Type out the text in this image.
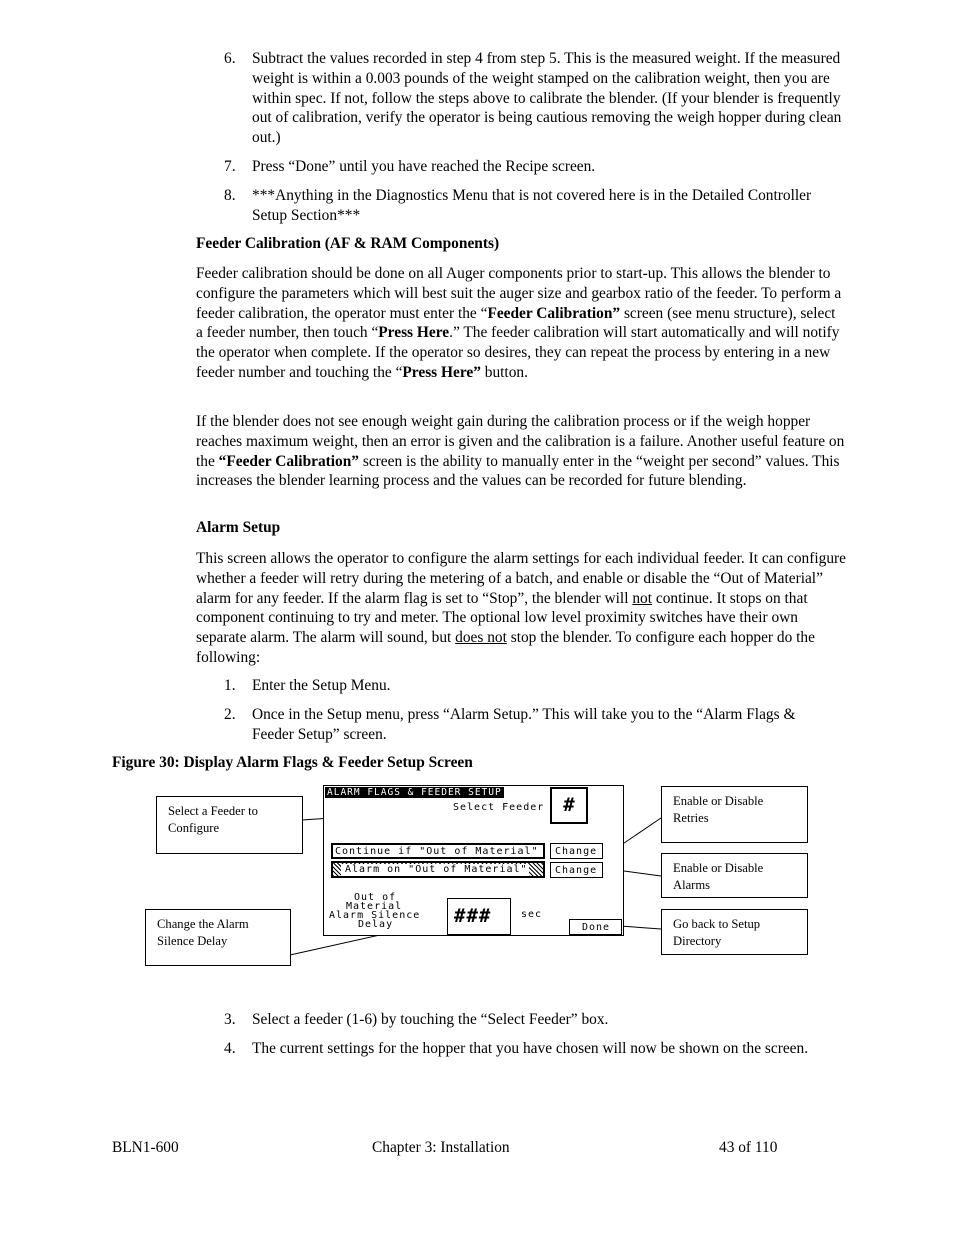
6. Subtract the values recorded in step 4 from step 5. This is the measured weight. If the measured weight is within a 0.003 pounds of the weight stamped on the calibration weight, then you are within spec. If not, follow the steps above to calibrate the blender. (If your blender is frequently out of calibration, verify the operator is being cautious removing the weigh hopper during clean out.)
7. Press “Done” until you have reached the Recipe screen.
8. ***Anything in the Diagnostics Menu that is not covered here is in the Detailed Controller Setup Section***
Feeder Calibration (AF & RAM Components)
Feeder calibration should be done on all Auger components prior to start-up. This allows the blender to configure the parameters which will best suit the auger size and gearbox ratio of the feeder. To perform a feeder calibration, the operator must enter the “Feeder Calibration” screen (see menu structure), select a feeder number, then touch “Press Here.” The feeder calibration will start automatically and will notify the operator when complete. If the operator so desires, they can repeat the process by entering in a new feeder number and touching the “Press Here” button.
If the blender does not see enough weight gain during the calibration process or if the weigh hopper reaches maximum weight, then an error is given and the calibration is a failure. Another useful feature on the “Feeder Calibration” screen is the ability to manually enter in the “weight per second” values. This increases the blender learning process and the values can be recorded for future blending.
Alarm Setup
This screen allows the operator to configure the alarm settings for each individual feeder. It can configure whether a feeder will retry during the metering of a batch, and enable or disable the “Out of Material” alarm for any feeder. If the alarm flag is set to “Stop”, the blender will not continue. It stops on that component continuing to try and meter. The optional low level proximity switches have their own separate alarm. The alarm will sound, but does not stop the blender. To configure each hopper do the following:
1. Enter the Setup Menu.
2. Once in the Setup menu, press “Alarm Setup.” This will take you to the “Alarm Flags & Feeder Setup” screen.
Figure 30: Display Alarm Flags & Feeder Setup Screen
ALARM FLAGS & FEEDER SETUP
Select Feeder #
Continue if "Out of Material" Change
Alarm on "Out of Material"	Change
Out of
Material
Alarm Silence
Delay	###	sec
Done
Select a Feeder to Configure
Enable or Disable Retries
Enable or Disable Alarms
Change the Alarm Silence Delay
Go back to Setup Directory
3. Select a feeder (1-6) by touching the “Select Feeder” box.
4. The current settings for the hopper that you have chosen will now be shown on the screen.
BLN1-600	Chapter 3: Installation	43 of 110
